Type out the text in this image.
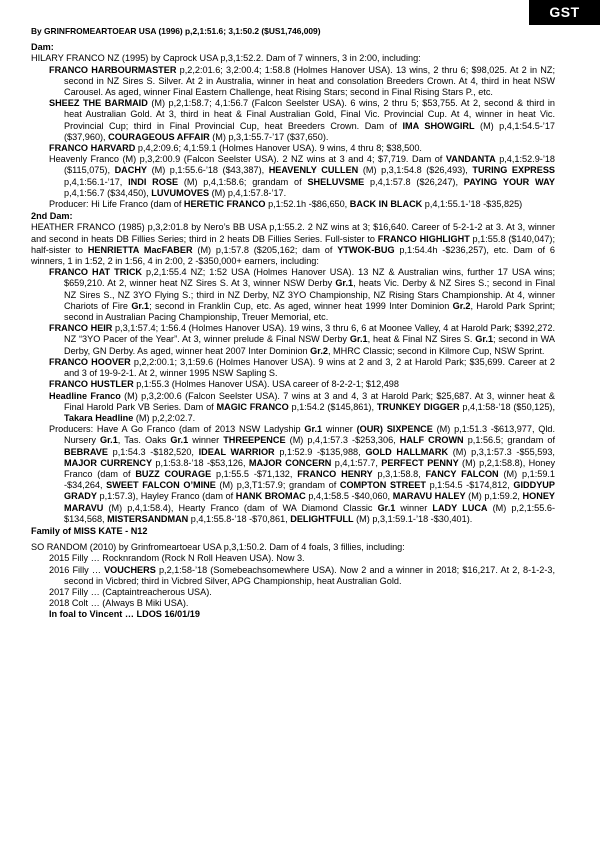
GST
By GRINFROMEARTOEAR USA (1996) p,2,1:51.6; 3,1:50.2 ($US1,746,009)
Dam:
HILARY FRANCO NZ (1995) by Caprock USA p,3,1:52.2. Dam of 7 winners, 3 in 2:00, including:
FRANCO HARBOURMASTER p,2,2:01.6; 3,2:00.4; 1:58.8 (Holmes Hanover USA). 13 wins, 2 thru 6; $98,025. At 2 in NZ; second in NZ Sires S. Silver. At 2 in Australia, winner in heat and consolation Breeders Crown. At 4, third in heat NSW Carousel. As aged, winner Final Eastern Challenge, heat Rising Stars; second in Final Rising Stars P., etc.
SHEEZ THE BARMAID (M) p,2,1:58.7; 4,1:56.7 (Falcon Seelster USA). 6 wins, 2 thru 5; $53,755. At 2, second & third in heat Australian Gold. At 3, third in heat & Final Australian Gold, Final Vic. Provincial Cup. At 4, winner in heat Vic. Provincial Cup; third in Final Provincial Cup, heat Breeders Crown. Dam of IMA SHOWGIRL (M) p,4,1:54.5-’17 ($37,960), COURAGEOUS AFFAIR (M) p,3,1:55.7-’17 ($37,650).
FRANCO HARVARD p,4,2:09.6; 4,1:59.1 (Holmes Hanover USA). 9 wins, 4 thru 8; $38,500.
Heavenly Franco (M) p,3,2:00.9 (Falcon Seelster USA). 2 NZ wins at 3 and 4; $7,719. Dam of VANDANTA p,4,1:52.9-’18 ($115,075), DACHY (M) p,1:55.6-’18 ($43,387), HEAVENLY CULLEN (M) p,3,1:54.8 ($26,493), TURING EXPRESS p,4,1:56.1-’17, INDI ROSE (M) p,4,1:58.6; grandam of SHELUVSME p,4,1:57.8 ($26,247), PAYING YOUR WAY p,4,1:56.7 ($34,450), LUVUMOVES (M) p,4,1:57.8-’17.
Producer: Hi Life Franco (dam of HERETIC FRANCO p,1:52.1h -$86,650, BACK IN BLACK p,4,1:55.1-’18 -$35,825)
2nd Dam:
HEATHER FRANCO (1985) p,3,2:01.8 by Nero’s BB USA p,1:55.2. 2 NZ wins at 3; $16,640. Career of 5-2-1-2 at 3. At 3, winner and second in heats DB Fillies Series; third in 2 heats DB Fillies Series. Full-sister to FRANCO HIGHLIGHT p,1:55.8 ($140,047); half-sister to HENRIETTA MacFABER (M) p,1:57.8 ($205,162; dam of YTWOK-BUG p,1:54.4h -$236,257), etc. Dam of 6 winners, 1 in 1:52, 2 in 1:56, 4 in 2:00, 2 -$350,000+ earners, including:
FRANCO HAT TRICK p,2,1:55.4 NZ; 1:52 USA (Holmes Hanover USA). 13 NZ & Australian wins, further 17 USA wins; $659,210. At 2, winner heat NZ Sires S. At 3, winner NSW Derby Gr.1, heats Vic. Derby & NZ Sires S.; second in Final NZ Sires S., NZ 3YO Flying S.; third in NZ Derby, NZ 3YO Championship, NZ Rising Stars Championship. At 4, winner Chariots of Fire Gr.1; second in Franklin Cup, etc. As aged, winner heat 1999 Inter Dominion Gr.2, Harold Park Sprint; second in Australian Pacing Championship, Treuer Memorial, etc.
FRANCO HEIR p,3,1:57.4; 1:56.4 (Holmes Hanover USA). 19 wins, 3 thru 6, 6 at Moonee Valley, 4 at Harold Park; $392,272. NZ “3YO Pacer of the Year”. At 3, winner prelude & Final NSW Derby Gr.1, heat & Final NZ Sires S. Gr.1; second in WA Derby, GN Derby. As aged, winner heat 2007 Inter Dominion Gr.2, MHRC Classic; second in Kilmore Cup, NSW Sprint.
FRANCO HOOVER p,2,2:00.1; 3,1:59.6 (Holmes Hanover USA). 9 wins at 2 and 3, 2 at Harold Park; $35,699. Career at 2 and 3 of 19-9-2-1. At 2, winner 1995 NSW Sapling S.
FRANCO HUSTLER p,1:55.3 (Holmes Hanover USA). USA career of 8-2-2-1; $12,498
Headline Franco (M) p,3,2:00.6 (Falcon Seelster USA). 7 wins at 3 and 4, 3 at Harold Park; $25,687. At 3, winner heat & Final Harold Park VB Series. Dam of MAGIC FRANCO p,1:54.2 ($145,861), TRUNKEY DIGGER p,4,1:58-’18 ($50,125), Takara Headline (M) p,2,2:02.7.
Producers: Have A Go Franco (dam of 2013 NSW Ladyship Gr.1 winner (OUR) SIXPENCE (M) p,1:51.3 -$613,977, Qld. Nursery Gr.1, Tas. Oaks Gr.1 winner THREEPENCE (M) p,4,1:57.3 -$253,306, HALF CROWN p,1:56.5; grandam of BEBRAVE p,1:54.3 -$182,520, IDEAL WARRIOR p,1:52.9 -$135,988, GOLD HALLMARK (M) p,3,1:57.3 -$55,593, MAJOR CURRENCY p,1:53.8-’18 -$53,126, MAJOR CONCERN p,4,1:57.7, PERFECT PENNY (M) p,2,1:58.8), Honey Franco (dam of BUZZ COURAGE p,1:55.5 -$71,132, FRANCO HENRY p,3,1:58.8, FANCY FALCON (M) p,1:59.1 -$34,264, SWEET FALCON O’MINE (M) p,3,T1:57.9; grandam of COMPTON STREET p,1:54.5 -$174,812, GIDDYUP GRADY p,1:57.3), Hayley Franco (dam of HANK BROMAC p,4,1:58.5 -$40,060, MARAVU HALEY (M) p,1:59.2, HONEY MARAVU (M) p,4,1:58.4), Hearty Franco (dam of WA Diamond Classic Gr.1 winner LADY LUCA (M) p,2,1:55.6- $134,568, MISTERSANDMAN p,4,1:55.8-’18 -$70,861, DELIGHTFULL (M) p,3,1:59.1-’18 -$30,401).
Family of MISS KATE - N12
SO RANDOM (2010) by Grinfromeartoear USA p,3,1:50.2. Dam of 4 foals, 3 fillies, including:
2015 Filly … Rocknrandom (Rock N Roll Heaven USA). Now 3.
2016 Filly … VOUCHERS p,2,1:58-’18 (Somebeachsomewhere USA). Now 2 and a winner in 2018; $16,217. At 2, 8-1-2-3, second in Vicbred; third in Vicbred Silver, APG Championship, heat Australian Gold.
2017 Filly … (Captaintreacherous USA).
2018 Colt … (Always B Miki USA).
In foal to Vincent … LDOS 16/01/19
